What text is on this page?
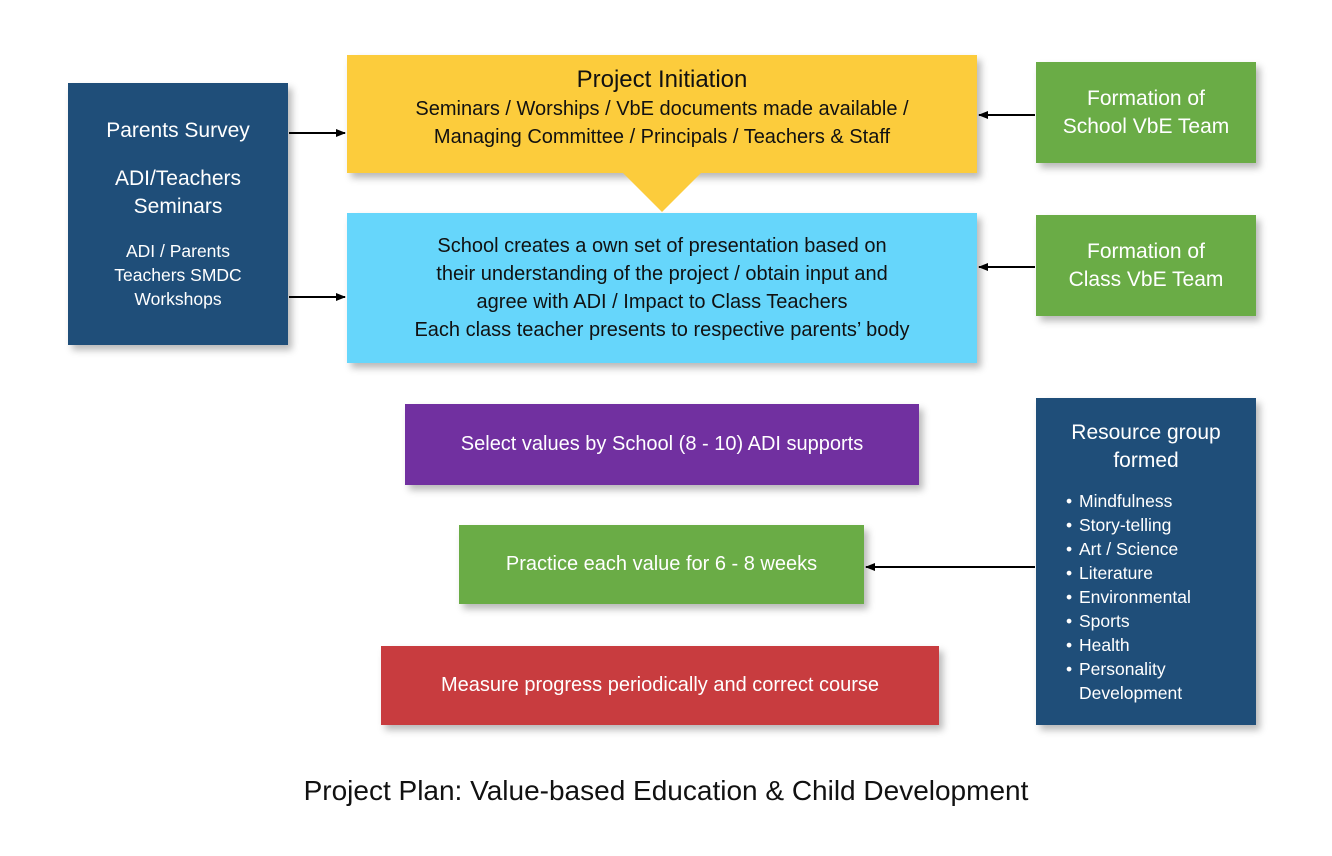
Parents Survey
ADI/Teachers
Seminars
ADI / Parents
Teachers SMDC
Workshops
Project Initiation
Seminars / Worships / VbE documents made available /
Managing Committee / Principals / Teachers & Staff
School creates a own set of presentation based on
their understanding of the project / obtain input and
agree with ADI / Impact to Class Teachers
Each class teacher presents to respective parents’ body
Formation of
School VbE Team
Formation of
Class VbE Team
Select values by School (8 - 10) ADI supports
Practice each value for 6 - 8 weeks
Measure progress periodically and correct course
Resource group
formed
• Mindfulness
• Story-telling
• Art / Science
• Literature
• Environmental
• Sports
• Health
• Personality Development
Project Plan: Value-based Education & Child Development
